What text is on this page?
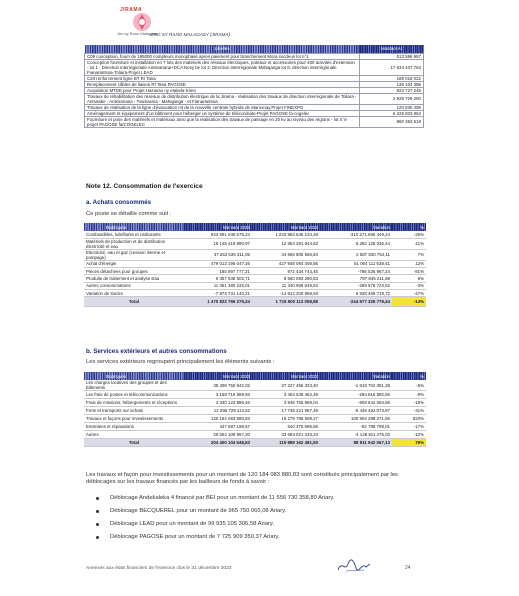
JIRAMA
Jiro sy Rano Malagasy
JIRO SY RANO MALAGASY (JIRAMA)
Libellés	Montant Ar
C09 conception, fourn de 195000 compteurs monophasé apres paiement pour branchement Mora socdeus lot n°1	513 586 957
Conception fourniture et installation en 7 lots des matériels des réseaux électriques, poteaux et accessoires pour 400 activités d'extension - lot 1 : Direction interrégionale Antsiranana+DCA Nosy be lot 2: Direction interrégionale Mahajanga lot 6: direction interrégionale Fianarantsoa-Toliara-Projet LEAD	17 634 437 763
C20 renforcement ligne BT RI Tana	189 018 022
Remplacement câbles de liaison RI Tana PAGOSE	136 104 386
Acquisition MTDE pour Projet Hazavao ny etakela-trano	822 727 245
Travaux de réhabilitation des réseaux de distribution électrique de la Jirama - réalisation des travaux de direction interrégionale de Toliara - Antsirabe - Antsiranana - Toamasina - Mahajanga - et Fianarantsoa	2 925 729 260
Travaux de réalisation de la ligne d'évacuation mt de la nouvelle centrale hybride de Marovoay.Projet FINEXPO	120 835 495
Aménagement et équipement d'un bâtiment pour héberger un système de téléconduite-Projet PAGOSE fa-cogelec	6 228 933 954
Fourniture et pose des matériels et matériaux ainsi que la réalisation des travaux de passage en 20 kv au niveau des régions - lot n°4-projet PAGOSE fa/COGELEC	860 353 618
Note 12. Consommation de l'exercice
a. Achats consommés
Ce poste se détaille comme suit :
Rubriques	Montant 2023	Montant 2022	Variation	%
Combustibles, lubrifiants et carburants	923 691 048 675,24	1 233 962 645 124,48	-310 271 596 449,24	-25%
Matériels de production et de distribution électricité et eau	18 145 419 880,97	12 863 291 844,53	5 282 128 036,44	41%
Electricité, eau et gaz (cession interne et pompage)	37 253 636 311,05	34 665 805 556,94	2 587 830 754,11	7%
Achat d'énergie	479 012 196 047,26	427 948 084 408,85	51 064 111 638,41	12%
Pièces détachées pour groupes	185 897 777,21	972 434 744,45	-786 536 967,24	-81%
Produits de traitement et analyse Eau	9 357 938 502,71	8 560 093 290,83	797 845 211,88	9%
Autres consommations	11 051 380 225,01	11 340 958 948,53	-289 578 723,52	-3%
Variation de stocks	-7 874 731 140,21	-14 813 200 859,93	6 938 469 719,72	-47%
Total	1 470 822 766 279,24	1 715 500 113 058,88	-244 677 326 779,44	-14%
b. Services extérieurs et autres consommations
Les services extérieurs regroupent principalement les éléments suivants :
Rubriques	Montant 2023	Montant 2022	Variation	%
Les charges locatives des groupes et des bâtiments	35 408 750 942,02	37 227 455 323,40	-1 818 704 381,38	-5%
Les frais de postes et télécommunications	3 168 719 569,93	3 463 536 462,49	-294 816 892,56	-9%
Frais de missions, hébergements et réceptions	3 340 123 886,46	3 948 765 969,04	-608 642 084,58	-15%
Frets et transports sur achats	12 296 729 113,62	17 745 221 987,49	-5 448 492 873,87	-31%
Travaux et façons pour investissements	120 184 083 880,83	19 279 785 509,27	100 904 298 371,56	523%
Entretiens et réparations	447 587 198,57	540 375 996,58	-92 788 798,01	-17%
Autres	29 554 109 957,20	33 683 021 233,23	-4 128 911 276,03	-12%
Total	204 400 104 548,63	115 888 162 481,50	88 511 942 067,13	76%
Les travaux et façon pour investissements pour un montant de 120 184 083 880,83 sont constitués principalement par les déblocages sur les travaux financés par les bailleurs de fonds à savoir :
Déblocage Andekaleka 4 financé par BEI pour un montant de 11 556 730 358,80 Ariary.
Déblocage BECQUEREL pour un montant de 965 750 065,08 Ariary.
Déblocage LEAD pour un montant de 99 935 105 306,58 Ariary.
Déblocage PAGOSE pour un montant de 7 725 909 350,37 Ariary.
Annexes aux états financiers de l'exercice clos le 31 décembre 2023	24
